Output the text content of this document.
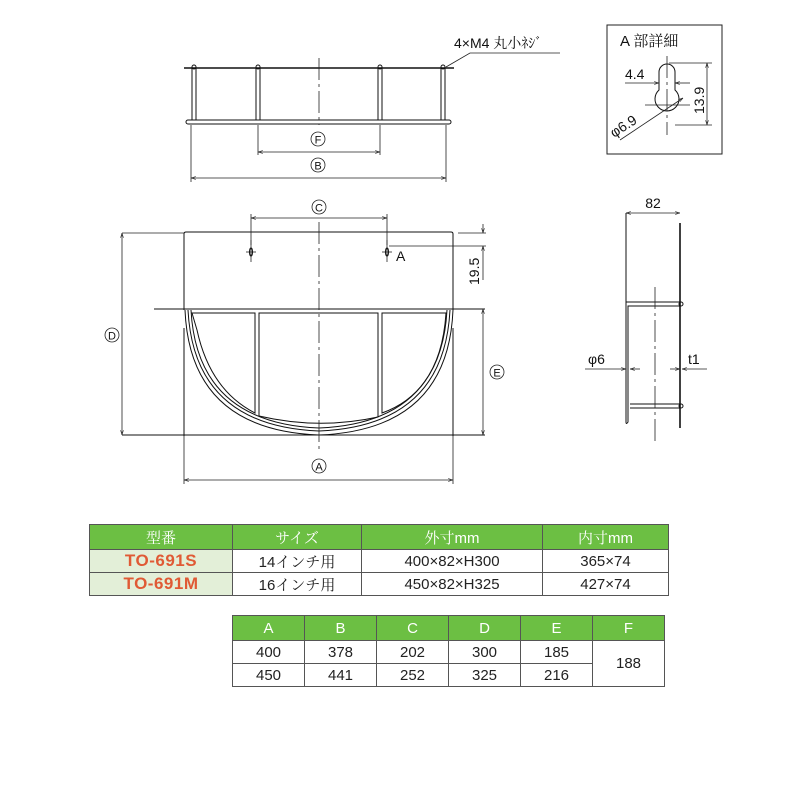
4×M4 丸小ﾈｼﾞ
F
B
A
C
D
19.5
E
A
A 部詳細
4.4
13.9
φ6.9
82
φ6	t1
型番	サイズ	外寸mm	内寸mm
TO-691S	14インチ用	400×82×H300	365×74
TO-691M	16インチ用	450×82×H325	427×74
A	B	C	D	E	F
400	378	202	300	185	188
450	441	252	325	216	
